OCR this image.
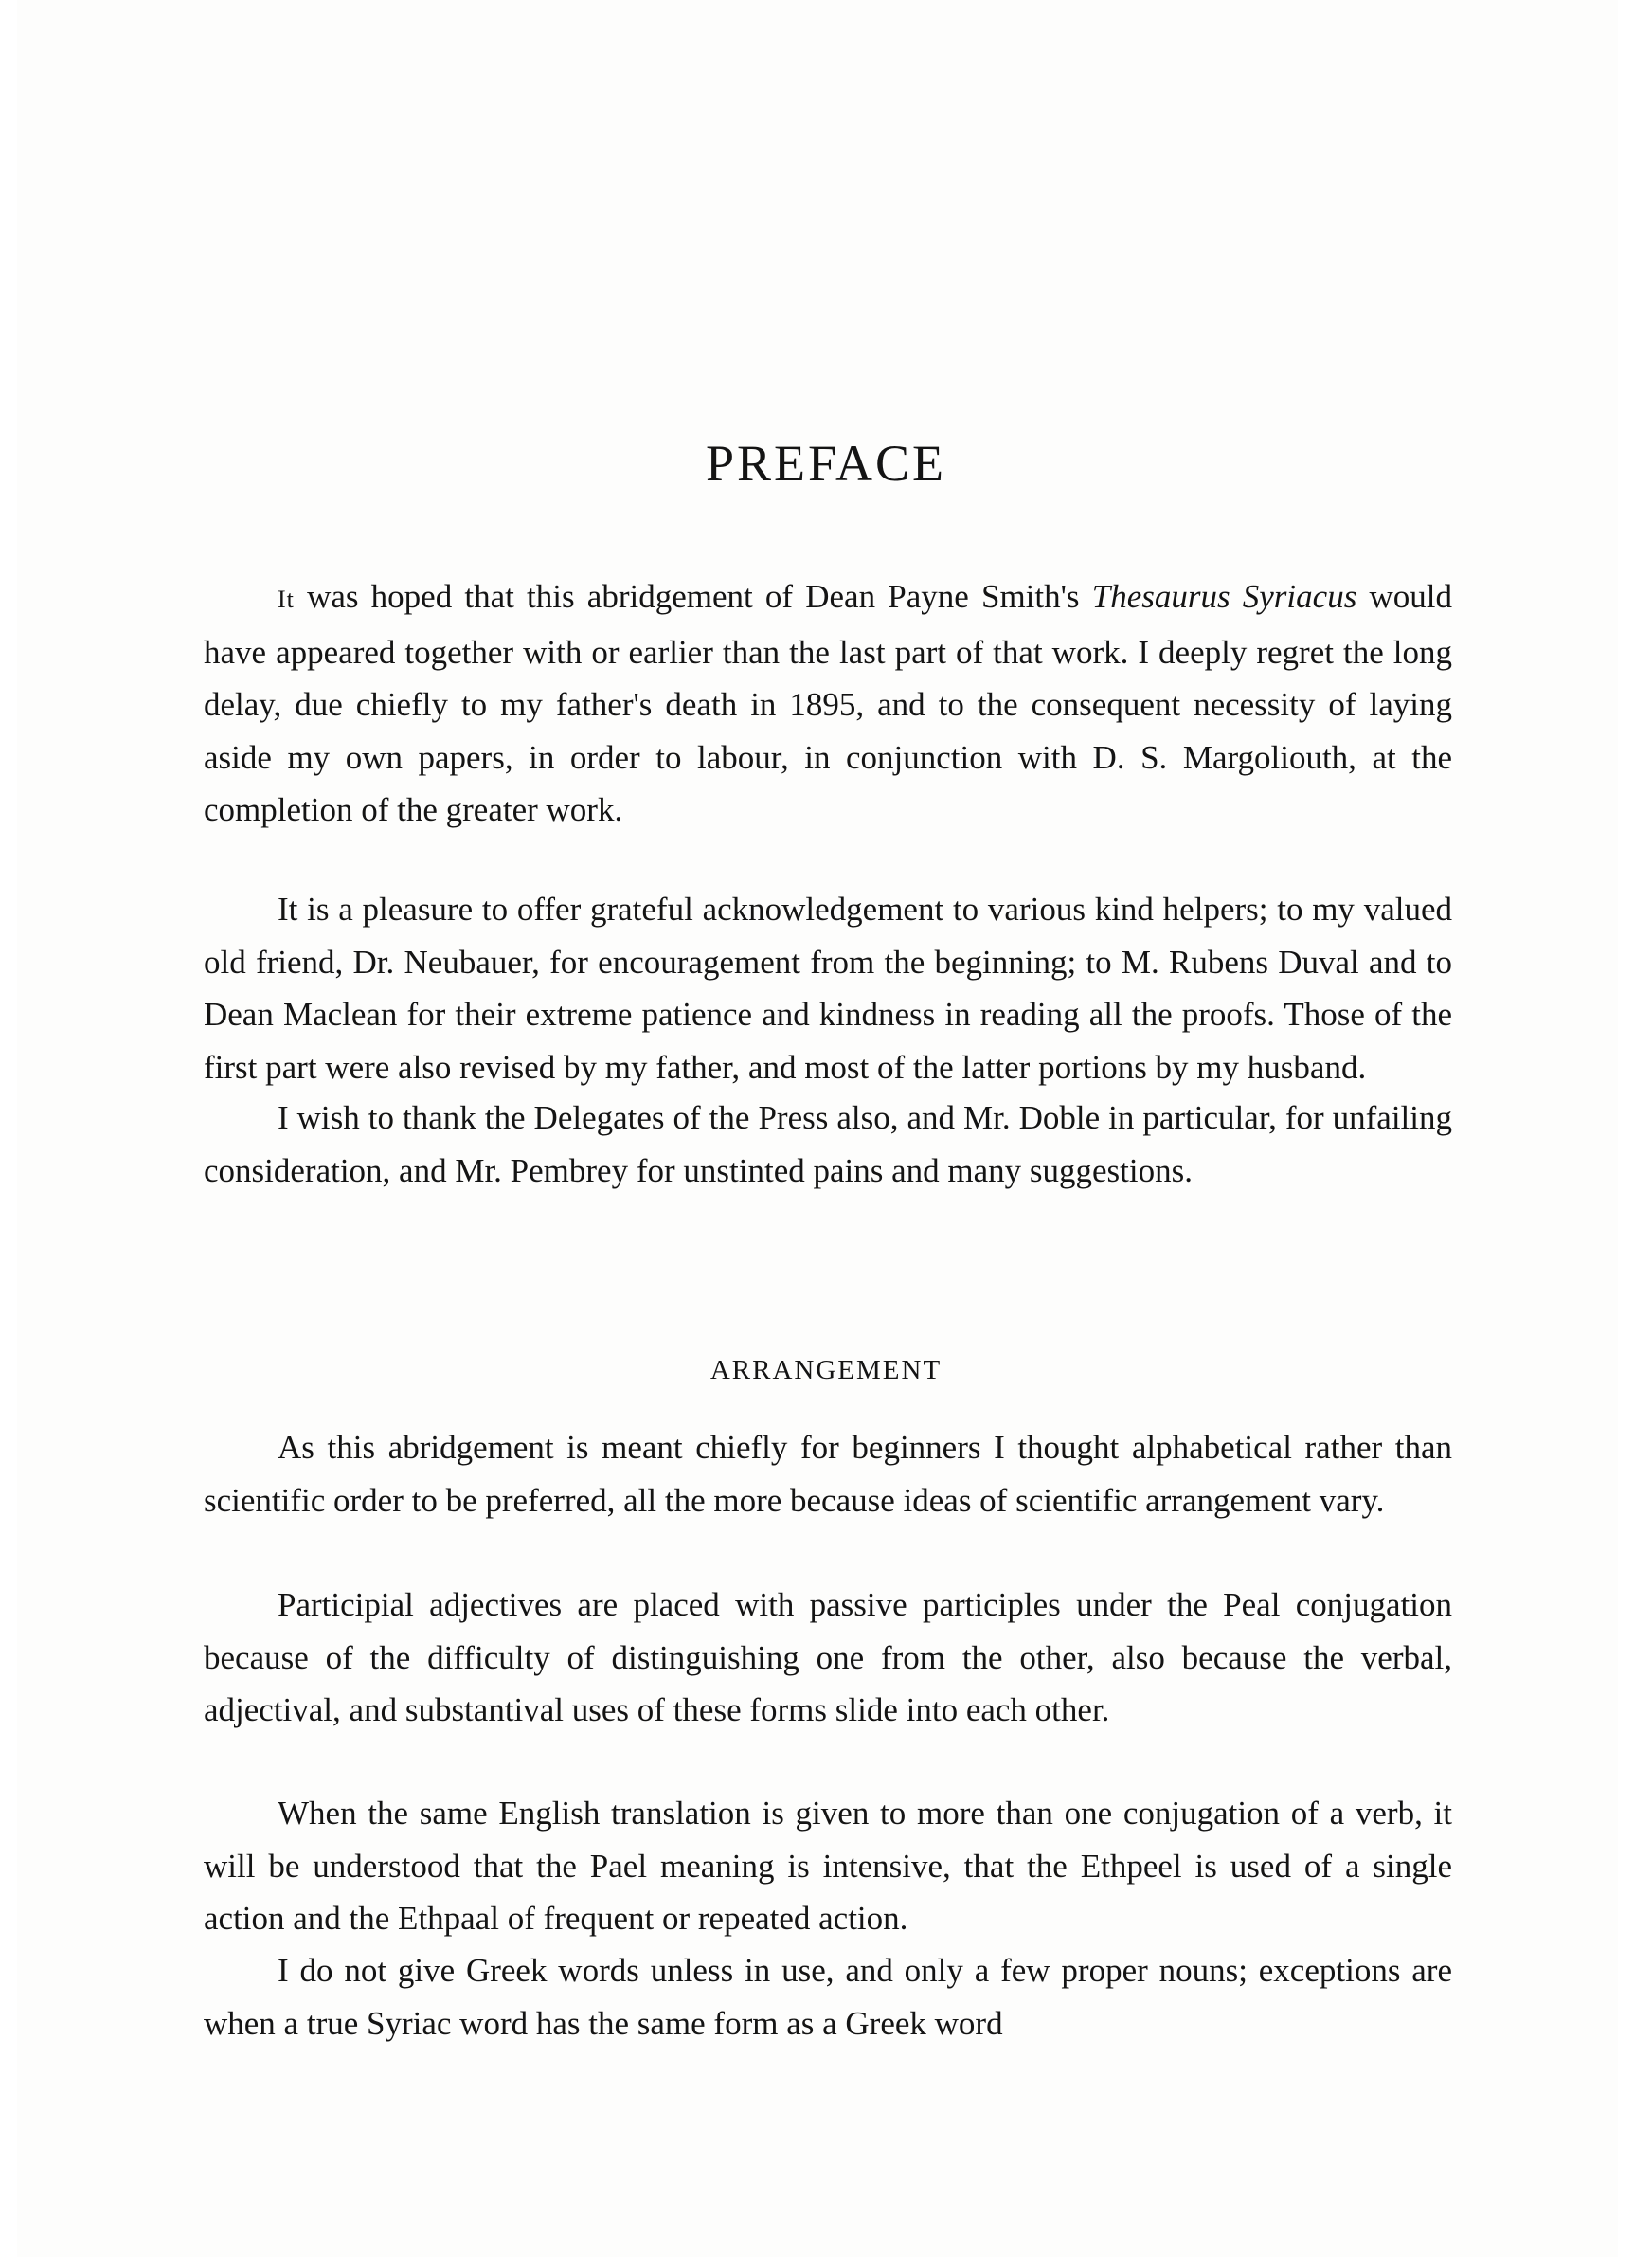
PREFACE

It was hoped that this abridgement of Dean Payne Smith's Thesaurus Syriacus would have appeared together with or earlier than the last part of that work. I deeply regret the long delay, due chiefly to my father's death in 1895, and to the consequent necessity of laying aside my own papers, in order to labour, in conjunction with D. S. Margoliouth, at the completion of the greater work.

It is a pleasure to offer grateful acknowledgement to various kind helpers; to my valued old friend, Dr. Neubauer, for encouragement from the beginning; to M. Rubens Duval and to Dean Maclean for their extreme patience and kindness in reading all the proofs. Those of the first part were also revised by my father, and most of the latter portions by my husband.

I wish to thank the Delegates of the Press also, and Mr. Doble in particular, for unfailing consideration, and Mr. Pembrey for unstinted pains and many suggestions.

ARRANGEMENT

As this abridgement is meant chiefly for beginners I thought alphabetical rather than scientific order to be preferred, all the more because ideas of scientific arrangement vary.

Participial adjectives are placed with passive participles under the Peal conjugation because of the difficulty of distinguishing one from the other, also because the verbal, adjectival, and substantival uses of these forms slide into each other.

When the same English translation is given to more than one conjugation of a verb, it will be understood that the Pael meaning is intensive, that the Ethpeel is used of a single action and the Ethpaal of frequent or repeated action.

I do not give Greek words unless in use, and only a few proper nouns; exceptions are when a true Syriac word has the same form as a Greek word
